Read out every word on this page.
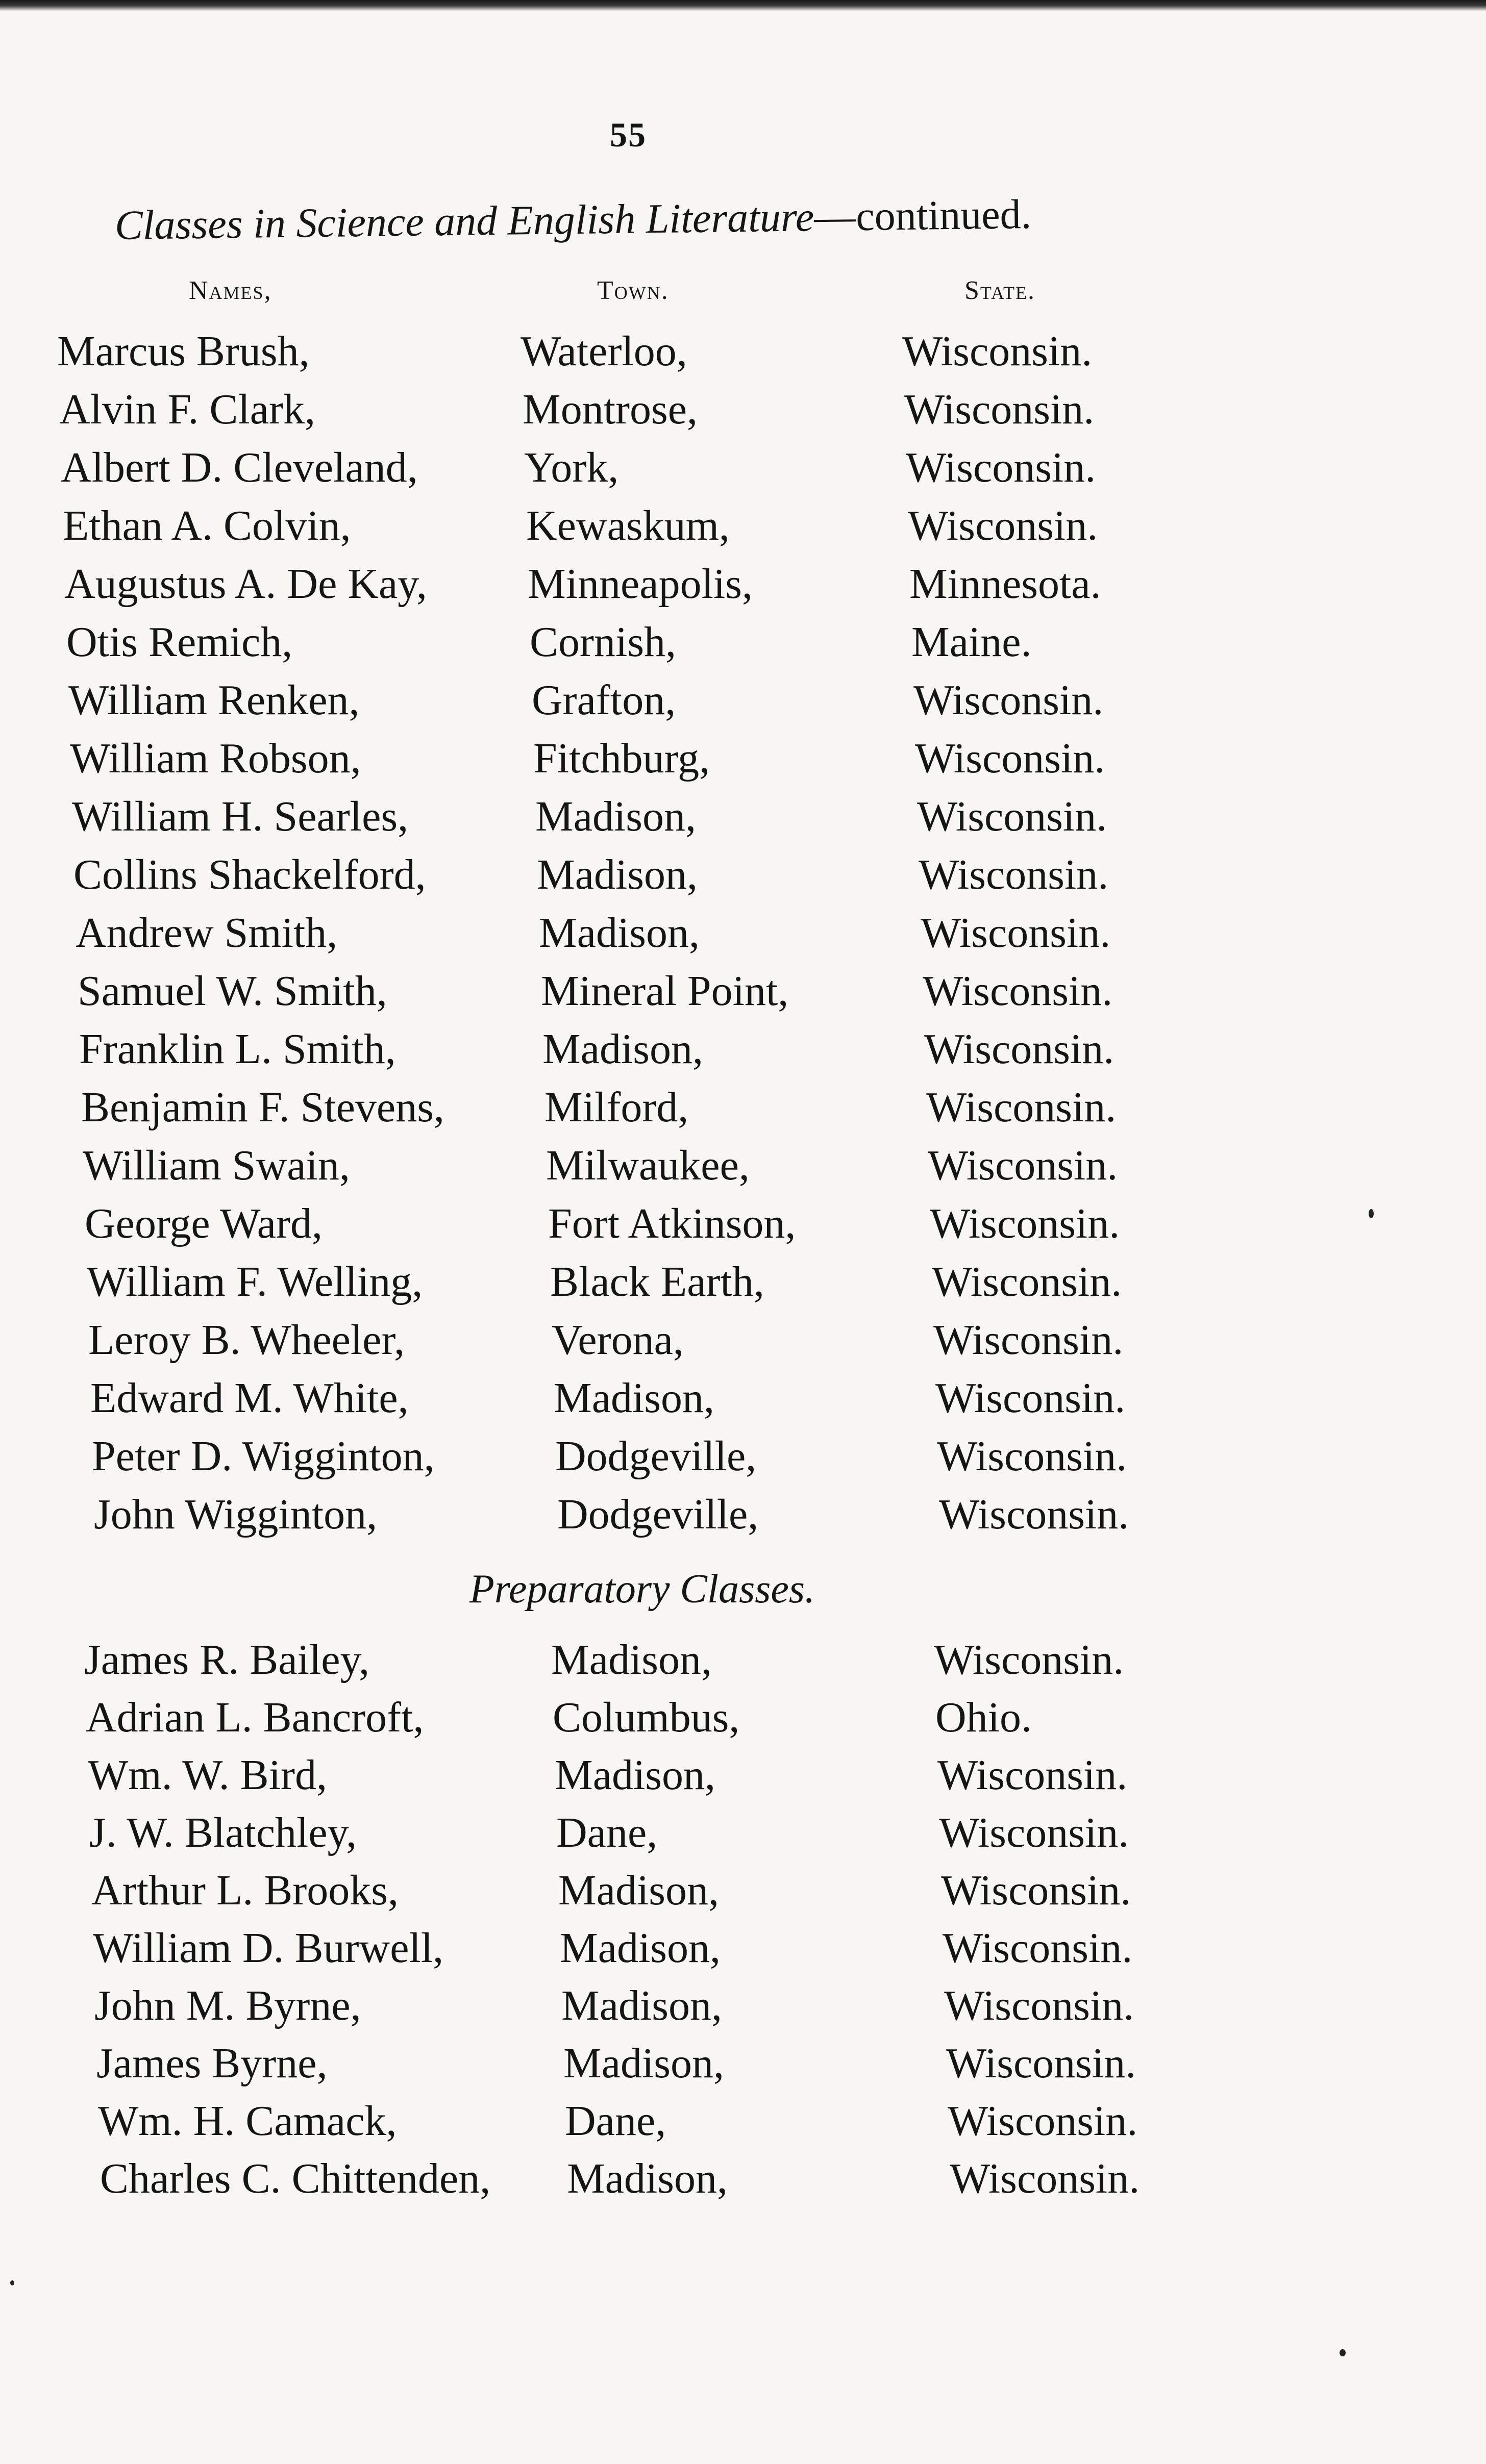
55
Classes in Science and English Literature—continued.
Names,	Town.	State.
Marcus Brush,	Waterloo,	Wisconsin.
Alvin F. Clark,	Montrose,	Wisconsin.
Albert D. Cleveland, York,	Wisconsin.
Ethan A. Colvin,	Kewaskum,	Wisconsin.
Augustus A. De Kay, Minneapolis,	Minnesota.
Otis Remich,	Cornish,	Maine.
William Renken,	Grafton,	Wisconsin.
William Robson,	Fitchburg,	Wisconsin.
William H. Searles,	Madison,	Wisconsin.
Collins Shackelford,	Madison,	Wisconsin.
Andrew Smith,	Madison,	Wisconsin.
Samuel W. Smith,	Mineral Point,	Wisconsin.
Franklin L. Smith,	Madison,	Wisconsin.
Benjamin F. Stevens, Milford,	Wisconsin.
William Swain,	Milwaukee,	Wisconsin.
George Ward,	Fort Atkinson,	Wisconsin.
William F. Welling,	Black Earth,	Wisconsin.
Leroy B. Wheeler,	Verona,	Wisconsin.
Edward M. White,	Madison,	Wisconsin.
Peter D. Wigginton,	Dodgeville,	Wisconsin.
John Wigginton,	Dodgeville,	Wisconsin.
Preparatory Classes.
James R. Bailey,	Madison,	Wisconsin.
Adrian L. Bancroft,	Columbus,	Ohio.
Wm. W. Bird,	Madison,	Wisconsin.
J. W. Blatchley,	Dane,	Wisconsin.
Arthur L. Brooks,	Madison,	Wisconsin.
William D. Burwell,	Madison,	Wisconsin.
John M. Byrne,	Madison,	Wisconsin.
James Byrne,	Madison,	Wisconsin.
Wm. H. Camack,	Dane,	Wisconsin.
Charles C. Chittenden, Madison,	Wisconsin.
